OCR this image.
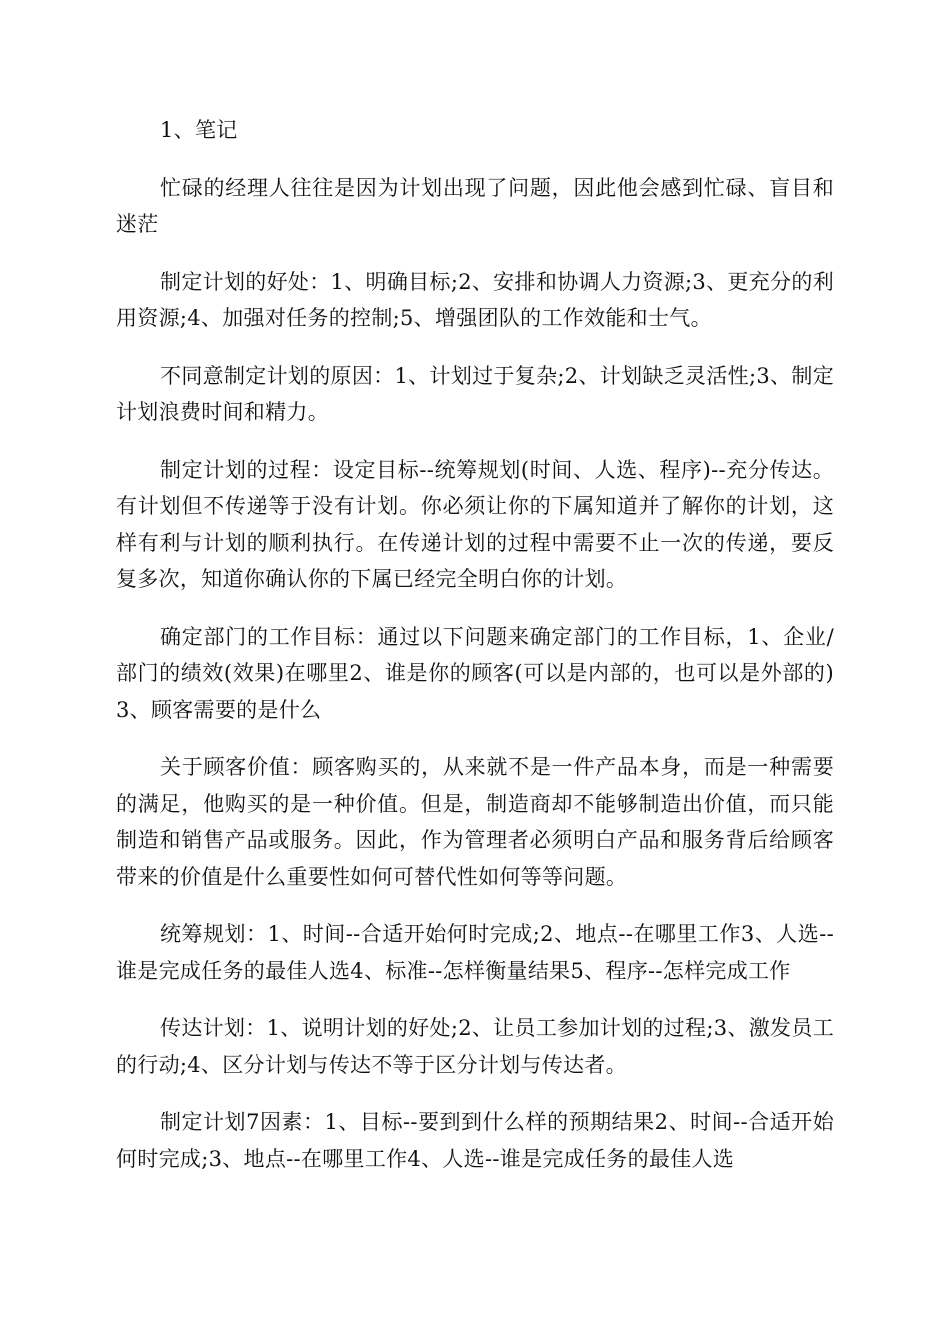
1、笔记

忙碌的经理人往往是因为计划出现了问题，因此他会感到忙碌、盲目和迷茫

制定计划的好处：1、明确目标;2、安排和协调人力资源;3、更充分的利用资源;4、加强对任务的控制;5、增强团队的工作效能和士气。

不同意制定计划的原因：1、计划过于复杂;2、计划缺乏灵活性;3、制定计划浪费时间和精力。

制定计划的过程：设定目标--统筹规划(时间、人选、程序)--充分传达。有计划但不传递等于没有计划。你必须让你的下属知道并了解你的计划，这样有利与计划的顺利执行。在传递计划的过程中需要不止一次的传递，要反复多次，知道你确认你的下属已经完全明白你的计划。

确定部门的工作目标：通过以下问题来确定部门的工作目标，1、企业/部门的绩效(效果)在哪里2、谁是你的顾客(可以是内部的，也可以是外部的)3、顾客需要的是什么

关于顾客价值：顾客购买的，从来就不是一件产品本身，而是一种需要的满足，他购买的是一种价值。但是，制造商却不能够制造出价值，而只能制造和销售产品或服务。因此，作为管理者必须明白产品和服务背后给顾客带来的价值是什么重要性如何可替代性如何等等问题。

统筹规划：1、时间--合适开始何时完成;2、地点--在哪里工作3、人选--谁是完成任务的最佳人选4、标准--怎样衡量结果5、程序--怎样完成工作

传达计划：1、说明计划的好处;2、让员工参加计划的过程;3、激发员工的行动;4、区分计划与传达不等于区分计划与传达者。

制定计划7因素：1、目标--要到到什么样的预期结果2、时间--合适开始何时完成;3、地点--在哪里工作4、人选--谁是完成任务的最佳人选
